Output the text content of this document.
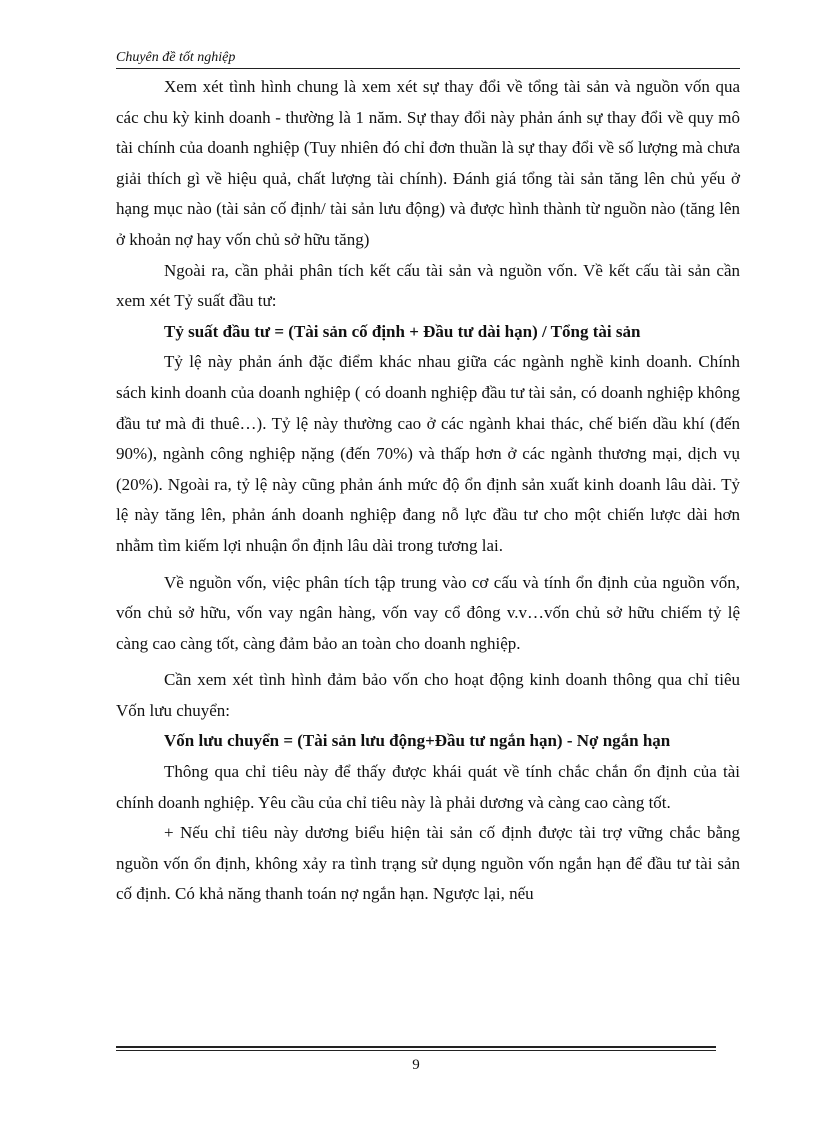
Chuyên đề tốt nghiệp

Xem xét tình hình chung là xem xét sự thay đổi về tổng tài sản và nguồn vốn qua các chu kỳ kinh doanh - thường là 1 năm. Sự thay đổi này phản ánh sự thay đổi về quy mô tài chính của doanh nghiệp (Tuy nhiên đó chỉ đơn thuần là sự thay đổi về số lượng mà chưa giải thích gì về hiệu quả, chất lượng tài chính). Đánh giá tổng tài sản tăng lên chủ yếu ở hạng mục nào (tài sản cố định/ tài sản lưu động) và được hình thành từ nguồn nào (tăng lên ở khoản nợ hay vốn chủ sở hữu tăng)

Ngoài ra, cần phải phân tích kết cấu tài sản và nguồn vốn. Về kết cấu tài sản cần xem xét Tỷ suất đầu tư:

Tỷ suất đầu tư = (Tài sản cố định + Đầu tư dài hạn) / Tổng tài sản

Tỷ lệ này phản ánh đặc điểm khác nhau giữa các ngành nghề kinh doanh. Chính sách kinh doanh của doanh nghiệp ( có doanh nghiệp đầu tư tài sản, có doanh nghiệp không đầu tư mà đi thuê…). Tỷ lệ này thường cao ở các ngành khai thác, chế biến dầu khí (đến 90%), ngành công nghiệp nặng (đến 70%) và thấp hơn ở các ngành thương mại, dịch vụ (20%). Ngoài ra, tỷ lệ này cũng phản ánh mức độ ổn định sản xuất kinh doanh lâu dài. Tỷ lệ này tăng lên, phản ánh doanh nghiệp đang nỗ lực đầu tư cho một chiến lược dài hơn nhằm tìm kiếm lợi nhuận ổn định lâu dài trong tương lai.

Về nguồn vốn, việc phân tích tập trung vào cơ cấu và tính ổn định của nguồn vốn, vốn chủ sở hữu, vốn vay ngân hàng, vốn vay cổ đông v.v…vốn chủ sở hữu chiếm tỷ lệ càng cao càng tốt, càng đảm bảo an toàn cho doanh nghiệp.

Cần xem xét tình hình đảm bảo vốn cho hoạt động kinh doanh thông qua chỉ tiêu Vốn lưu chuyển:

Vốn lưu chuyển = (Tài sản lưu động+Đầu tư ngắn hạn) - Nợ ngắn hạn

Thông qua chỉ tiêu này để thấy được khái quát về tính chắc chắn ổn định của tài chính doanh nghiệp. Yêu cầu của chỉ tiêu này là phải dương và càng cao càng tốt.

+ Nếu chỉ tiêu này dương biểu hiện tài sản cố định được tài trợ vững chắc bằng nguồn vốn ổn định, không xảy ra tình trạng sử dụng nguồn vốn ngắn hạn để đầu tư tài sản cố định. Có khả năng thanh toán nợ ngắn hạn. Ngược lại, nếu

9
